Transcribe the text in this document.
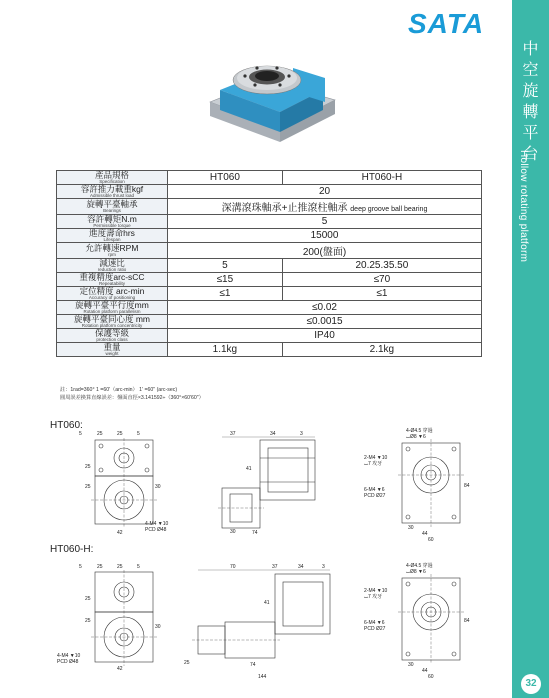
SATA
中
空
旋
轉
平
台
Hollow rotating platform
32
產品規格
Specification	HT060	HT060-H
容許推力載重kgf
Admissible thrust load	20	
旋轉平臺軸承
Bearings	深溝滾珠軸承+止推滾柱軸承 deep groove ball bearing	
容許轉矩N.m
Permissible torque	5	
進度壽命hrs
Lifespan	15000	
允許轉速RPM
rpm	200(盤面)	
減速比
reduction ratio	5	20.25.35.50
重複精度arc-sCC
Repeatability	≤15	≤70
定位精度 arc-min
Accuracy of positioning	≤1	≤1
旋轉平臺平行度mm
Rotation platform parallelism	≤0.02	
旋轉平臺同心度 mm
Rotation platform concentricity	≤0.0015	
保護等級
protection class	IP40	
重量
weight	1.1kg	2.1kg
註：1rad=360° 1 =60'（arc-min） 1' =60" (arc-sec)
圓周誤差換算直線誤差：盤面直徑×3.141592÷（360°×60'60"）
HT060:
5	25	25	5
25
25
42
30
4-M4 ▼10
PCD Ø48
37	34	3
41
30	74
4-Ø4.5 穿過
⌴Ø8 ▼6
2-M4 ▼10
⌴7 攻牙
6-M4 ▼6
PCD Ø27
84
30
44
60
HT060-H:
5	25	25	5
25
25
4-M4 ▼10
PCD Ø48
42
30
70	37	34	3
41
25	74
144
4-Ø4.5 穿過
⌴Ø8 ▼6
2-M4 ▼10
⌴7 攻牙
6-M4 ▼6
PCD Ø27
84
30
44
60
